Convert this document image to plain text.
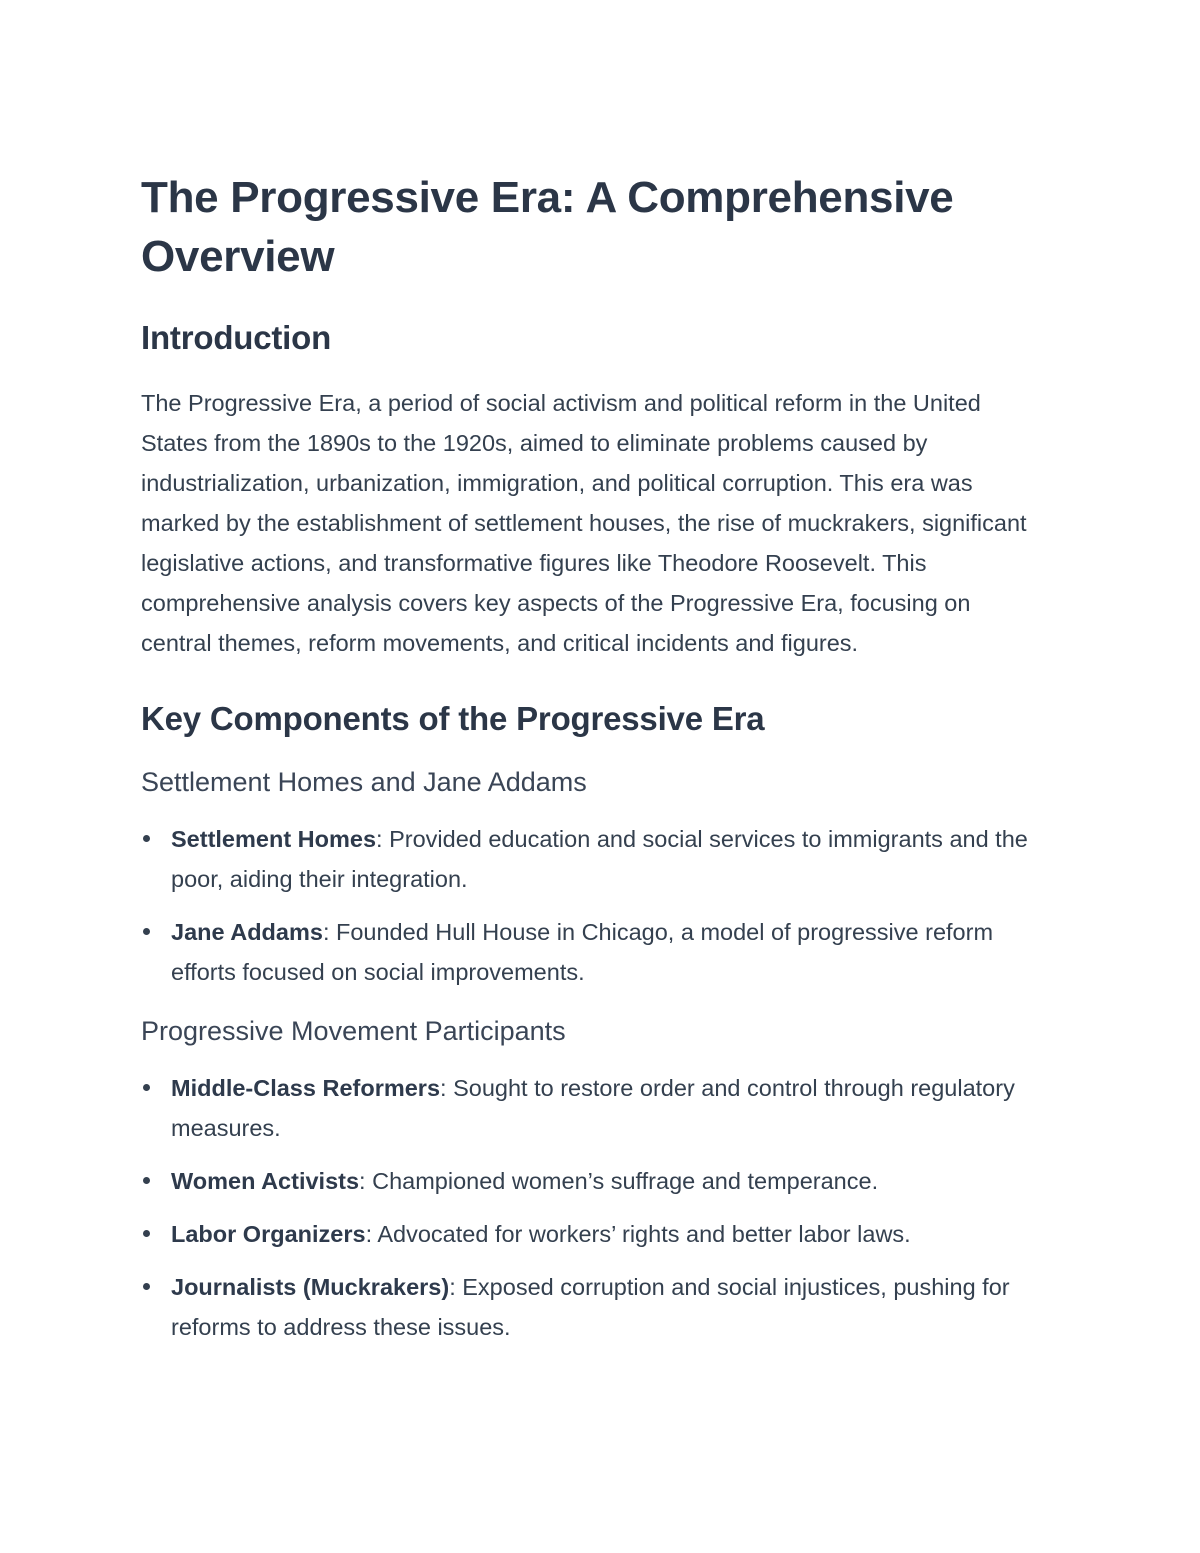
The Progressive Era: A Comprehensive Overview
Introduction

The Progressive Era, a period of social activism and political reform in the United States from the 1890s to the 1920s, aimed to eliminate problems caused by industrialization, urbanization, immigration, and political corruption. This era was marked by the establishment of settlement houses, the rise of muckrakers, significant legislative actions, and transformative figures like Theodore Roosevelt. This comprehensive analysis covers key aspects of the Progressive Era, focusing on central themes, reform movements, and critical incidents and figures.

Key Components of the Progressive Era
Settlement Homes and Jane Addams
Settlement Homes: Provided education and social services to immigrants and the poor, aiding their integration.
Jane Addams: Founded Hull House in Chicago, a model of progressive reform efforts focused on social improvements.
Progressive Movement Participants
Middle-Class Reformers: Sought to restore order and control through regulatory measures.
Women Activists: Championed women’s suffrage and temperance.
Labor Organizers: Advocated for workers’ rights and better labor laws.
Journalists (Muckrakers): Exposed corruption and social injustices, pushing for reforms to address these issues.
